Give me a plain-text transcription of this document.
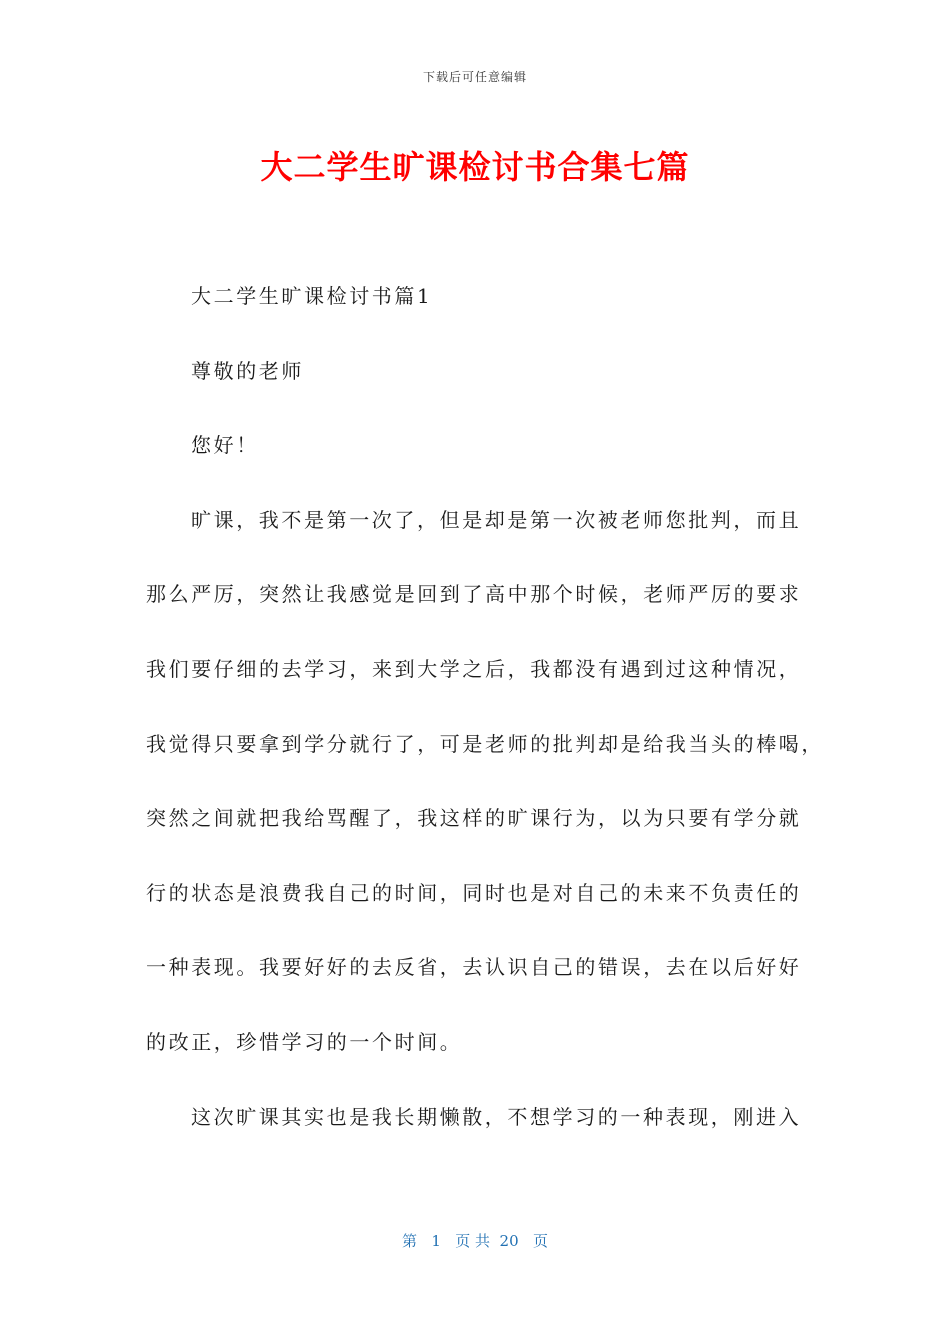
下载后可任意编辑
大二学生旷课检讨书合集七篇
大二学生旷课检讨书篇1
尊敬的老师
您好！
旷课，我不是第一次了，但是却是第一次被老师您批判，而且
那么严厉，突然让我感觉是回到了高中那个时候，老师严厉的要求
我们要仔细的去学习，来到大学之后，我都没有遇到过这种情况，
我觉得只要拿到学分就行了，可是老师的批判却是给我当头的棒喝，
突然之间就把我给骂醒了，我这样的旷课行为，以为只要有学分就
行的状态是浪费我自己的时间，同时也是对自己的未来不负责任的
一种表现。我要好好的去反省，去认识自己的错误，去在以后好好
的改正，珍惜学习的一个时间。
这次旷课其实也是我长期懒散，不想学习的一种表现，刚进入
第 1 页 共 20 页
